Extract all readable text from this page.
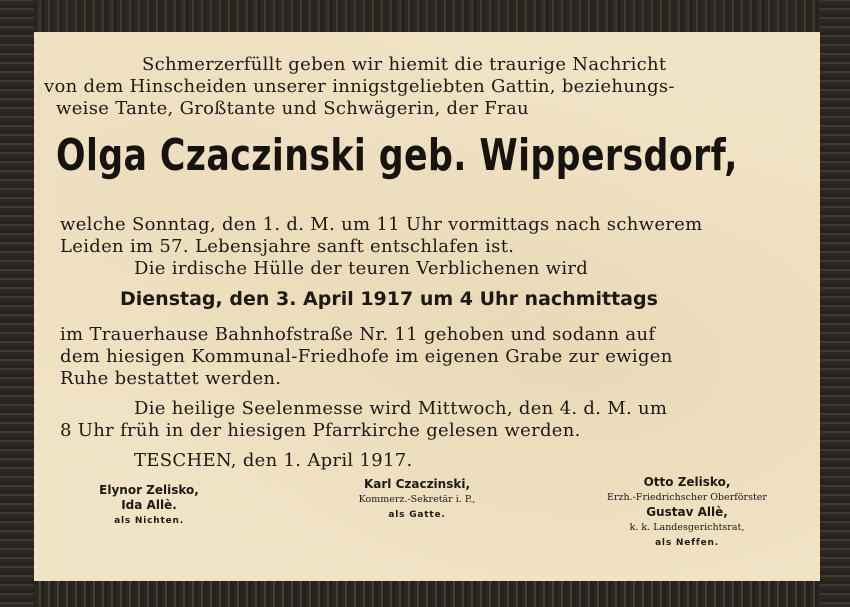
Schmerzerfüllt geben wir hiemit die traurige Nachricht
von dem Hinscheiden unserer innigstgeliebten Gattin, beziehungs-
weise Tante, Großtante und Schwägerin, der Frau
Olga Czaczinski geb. Wippersdorf,
welche Sonntag, den 1. d. M. um 11 Uhr vormittags nach schwerem
Leiden im 57. Lebensjahre sanft entschlafen ist.
Die irdische Hülle der teuren Verblichenen wird
Dienstag, den 3. April 1917 um 4 Uhr nachmittags
im Trauerhause Bahnhofstraße Nr. 11 gehoben und sodann auf
dem hiesigen Kommunal-Friedhofe im eigenen Grabe zur ewigen
Ruhe bestattet werden.
Die heilige Seelenmesse wird Mittwoch, den 4. d. M. um
8 Uhr früh in der hiesigen Pfarrkirche gelesen werden.
TESCHEN, den 1. April 1917.
Elynor Zelisko,
Ida Allè.
als Nichten.
Karl Czaczinski,
Kommerz.-Sekretär i. P.,
als Gatte.
Otto Zelisko,
Erzh.-Friedrichscher Oberförster
Gustav Allè,
k. k. Landesgerichtsrat,
als Neffen.
